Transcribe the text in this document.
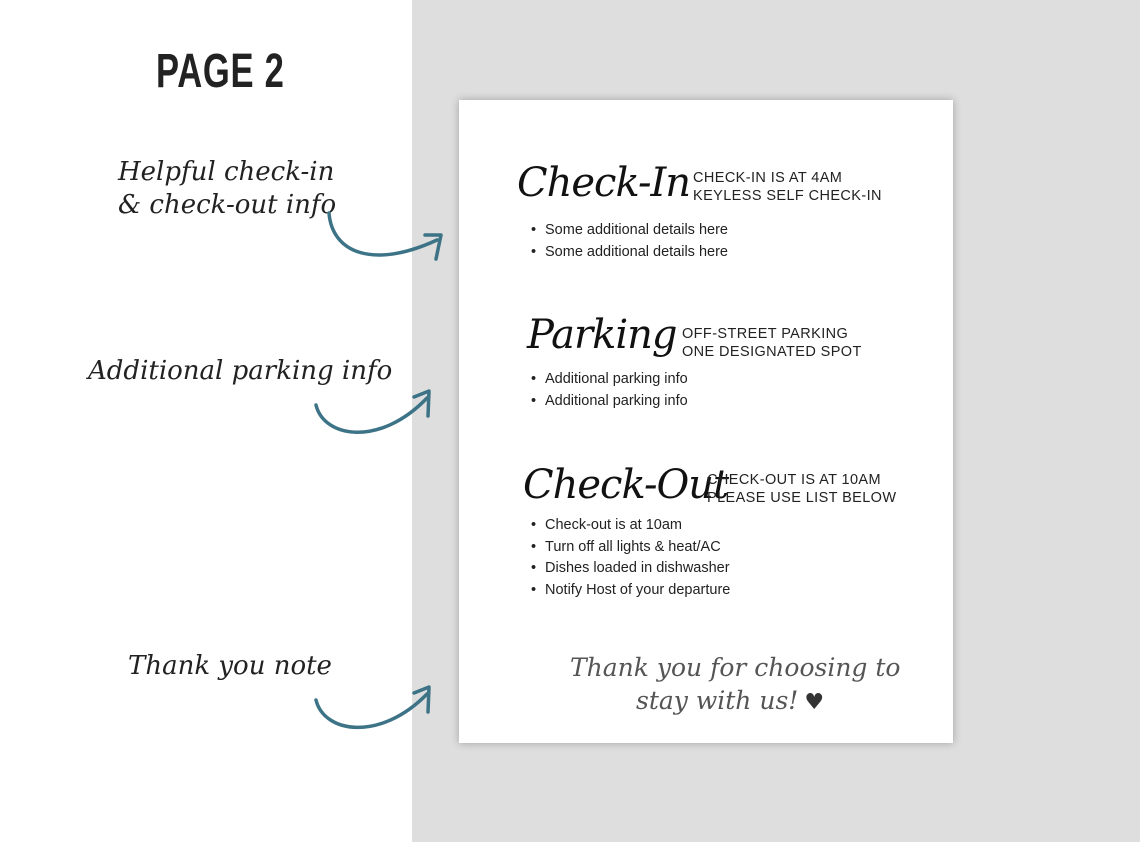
PAGE 2
Helpful check-in
& check-out info
Additional parking info
Thank you note
Check-In CHECK-IN IS AT 4AM
KEYLESS SELF CHECK-IN
• Some additional details here
• Some additional details here
Parking OFF-STREET PARKING
ONE DESIGNATED SPOT
• Additional parking info
• Additional parking info
Check-Out
CHECK-OUT IS AT 10AM
PLEASE USE LIST BELOW
• Check-out is at 10am
• Turn off all lights & heat/AC
• Dishes loaded in dishwasher
• Notify Host of your departure
Thank you for choosing to
stay with us! ♥
